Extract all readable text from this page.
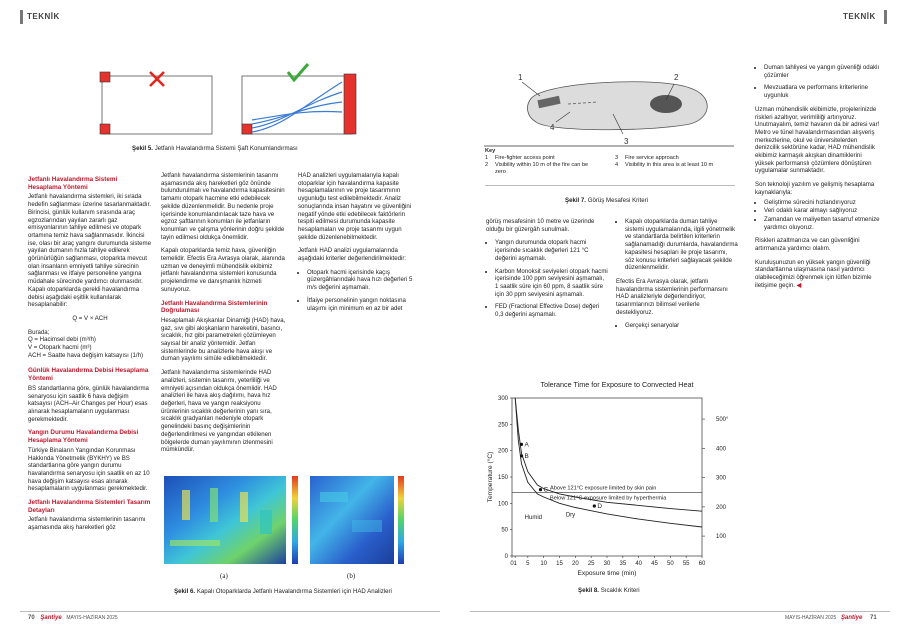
TEKNİK
Şekil 5. Jetfanlı Havalandırma Sistemi Şaft Konumlandırması
Jetfanlı Havalandırma Sistemi Hesaplama Yöntemi

Jetfanlı havalandırma sistemleri, iki sırada hedefin sağlanması üzerine tasarlanmaktadır. Birincisi, günlük kullanım sırasında araç egzozlarından yayılan zararlı gaz emisyonlarının tahliye edilmesi ve otopark ortamına temiz hava sağlanmasıdır. İkincisi ise, olası bir araç yangını durumunda sisteme yayılan dumanın hızla tahliye edilerek görünürlüğün sağlanması, otoparkta mevcut olan insanların emniyetli tahliye sürecinin sağlanması ve itfaiye personeline yangına müdahale sürecinde yardımcı olunmasıdır. Kapalı otoparklarda gerekli havalandırma debisi aşağıdaki eşitlik kullanılarak hesaplanabilir:

Q = V × ACH
Burada;
Q = Hacimsel debi (m³/h)
V = Otopark hacmi (m³)
ACH = Saatte hava değişim katsayısı (1/h)
Günlük Havalandırma Debisi Hesaplama Yöntemi

BS standartlarına göre, günlük havalandırma senaryosu için saatlik 6 hava değişim katsayısı (ACH–Air Changes per Hour) esas alınarak hesaplamaların uygulanması gerekmektedir.

Yangın Durumu Havalandırma Debisi Hesaplama Yöntemi

Türkiye Binaların Yangından Korunması Hakkında Yönetmelik (BYKHY) ve BS standartlarına göre yangın durumu havalandırma senaryosu için saatlik en az 10 hava değişim katsayısı esas alınarak hesaplamaların uygulanması gerekmektedir.

Jetfanlı Havalandırma Sistemleri Tasarım Detayları
Jetfanlı havalandırma sistemlerinin tasarımı aşamasında akış hareketleri göz

Jetfanlı havalandırma sistemlerinin tasarımı aşamasında akış hareketleri göz önünde bulundurulmalı ve havalandırma kapasitesinin tamamı otopark hacmine etki edebilecek şekilde düzenlenmelidir. Bu nedenle proje içerisinde konumlandırılacak taze hava ve egzoz şaftlarının konumları ile jetfanların konumları ve çalışma yönlerinin doğru şekilde tayin edilmesi oldukça önemlidir.

Kapalı otoparklarda temiz hava, güvenliğin temelidir. Efectis Era Avrasya olarak, alanında uzman ve deneyimli mühendislik ekibimiz jetfanlı havalandırma sistemleri konusunda projelendirme ve danışmanlık hizmeti sunuyoruz.

Jetfanlı Havalandırma Sistemlerinin Doğrulaması

Hesaplamalı Akışkanlar Dinamiği (HAD) hava, gaz, sıvı gibi akışkanların hareketini, basıncı, sıcaklık, hız gibi parametreleri çözümleyen sayısal bir analiz yöntemidir. Jetfan sistemlerinde bu analizlerle hava akışı ve duman yayılımı simüle edilebilmektedir.

Jetfanlı havalandırma sistemlerinde HAD analizleri, sistemin tasarımı, yeterliliği ve emniyeti açısından oldukça önemlidir. HAD analizleri ile hava akış dağılımı, hava hız değerleri, hava ve yangın reaksiyonu ürünlerinin sıcaklık değerlerinin yanı sıra, sıcaklık gradyanları nedeniyle otopark genelindeki basınç değişimlerinin değerlendirilmesi ve yangından etkilenen bölgelerde duman yayılımının izlenmesini mümkündür.

HAD analizleri uygulamalarıyla kapalı otoparklar için havalandırma kapasite hesaplamalarının ve proje tasarımının uygunluğu test edilebilmektedir. Analiz sonuçlarında insan hayatını ve güvenliğini negatif yönde etki edebilecek faktörlerin tespiti edilmesi durumunda kapasite hesaplamaları ve proje tasarımı uygun şekilde düzenlenebilmektedir.

Jetfanlı HAD analizi uygulamalarında aşağıdaki kriterler değerlendirilmektedir:

• Otopark hacmi içerisinde kaçış güzergâhlarındaki hava hızı değerleri 5 m/s değerini aşmamalı.
• İtfaiye personelinin yangın noktasına ulaşımı için minimum en az bir adet
(a)	(b)
Şekil 6. Kapalı Otoparklarda Jetfanlı Havalandırma Sistemleri için HAD Analizleri
70 Şantiye MAYIS-HAZİRAN 2025
TEKNİK
1	2
3
4
Key
1	Fire-fighter access point
2	Visibility within 10 m of the fire can be zero
3	Fire service approach
4	Visibility in this area is at least 10 m
Şekil 7. Görüş Mesafesi Kriteri

görüş mesafesinin 10 metre ve üzerinde olduğu bir güzergâh sunulmalı.

• Yangın durumunda otopark hacmi içerisinde sıcaklık değerleri 121 °C değerini aşmamalı.
• Karbon Monoksit seviyeleri otopark hacmi içerisinde 100 ppm seviyesini aşmamalı, 1 saatlik süre için 60 ppm, 8 saatlik süre için 30 ppm seviyesini aşmamalı.
• FED (Fractional Effective Dose) değeri 0,3 değerini aşmamalı.
• Kapalı otoparklarda duman tahliye sistemi uygulamalarında, ilgili yönetmelik ve standartlarda belirtilen kriterlerin sağlanamadığı durumlarda, havalandırma kapasitesi hesapları ile proje tasarımı, söz konusu kriterleri sağlayacak şekilde düzenlenmelidir.

Efectis Era Avrasya olarak, jetfanlı havalandırma sistemlerinin performansını HAD analizleriyle değerlendiriyor, tasarımlarınızı bilimsel verilerle destekliyoruz.

• Gerçekçi senaryolar
• Duman tahliyesi ve yangın güvenliği odaklı çözümler
• Mevzuatlara ve performans kriterlerine uygunluk

Uzman mühendislik ekibimizle, projelerinizde riskleri azaltıyor, verimliliği artırıyoruz. Unutmayalım, temiz havanın da bir adresi var! Metro ve tünel havalandırmasından alışveriş merkezlerine, okul ve üniversitelerden denizcilik sektörüne kadar, HAD mühendislik ekibimiz karmaşık akışkan dinamiklerini yüksek performanslı çözümlere dönüştüren uygulamalar sunmaktadır.

Son teknoloji yazılım ve gelişmiş hesaplama kaynaklarıyla:

• Geliştirme sürecini hızlandırıyoruz
• Veri odaklı karar almayı sağlıyoruz
• Zamandan ve maliyetten tasarruf etmenize yardımcı oluyoruz.

Riskleri azaltmanıza ve can güvenliğini artırmanıza yardımcı olalım.

Kuruluşunuzun en yüksek yangın güvenliği standartlarına ulaşmasına nasıl yardımcı olabileceğimizi öğrenmek için lütfen bizimle iletişime geçin. ◀

Tolerance Time for Exposure to Convected Heat
0
50
100
150
200
250
300
100
200
300
400
500°
0 1 5 10 15 20 25 30 35 40 45 50 55 60
Exposure time (min)
Temperature (°C)	Above 121°C exposure limited by skin pain
Below 121°C exposure limited by hyperthermia
Humid	Dry
A
B
C
D
Şekil 8. Sıcaklık Kriteri
MAYIS-HAZİRAN 2025 Şantiye 71
